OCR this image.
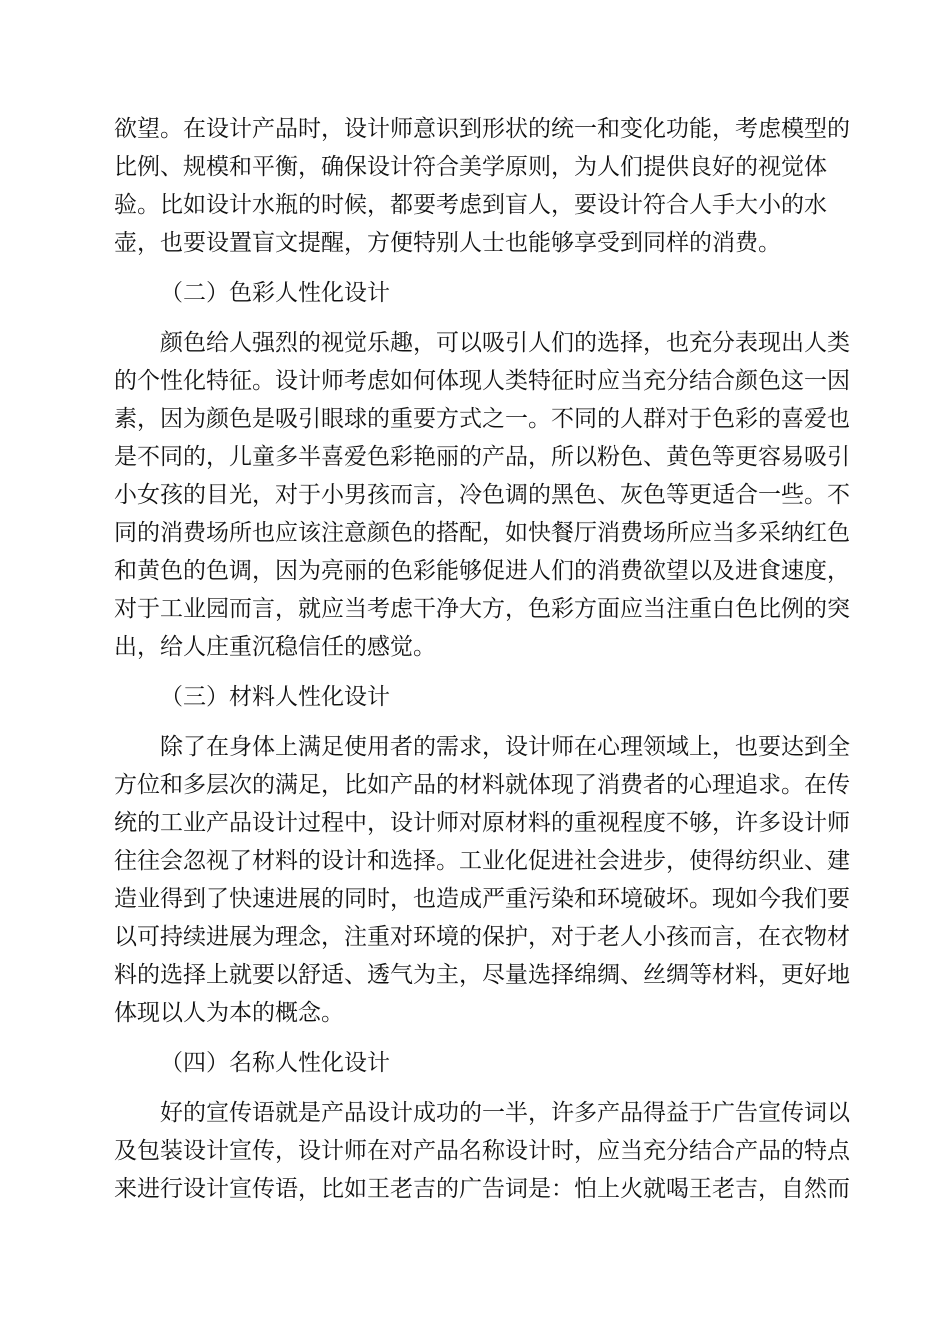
欲望。在设计产品时，设计师意识到形状的统一和变化功能，考虑模型的
比例、规模和平衡，确保设计符合美学原则，为人们提供良好的视觉体
验。比如设计水瓶的时候，都要考虑到盲人，要设计符合人手大小的水
壶，也要设置盲文提醒，方便特别人士也能够享受到同样的消费。

（二）色彩人性化设计

颜色给人强烈的视觉乐趣，可以吸引人们的选择，也充分表现出人类
的个性化特征。设计师考虑如何体现人类特征时应当充分结合颜色这一因
素，因为颜色是吸引眼球的重要方式之一。不同的人群对于色彩的喜爱也
是不同的，儿童多半喜爱色彩艳丽的产品，所以粉色、黄色等更容易吸引
小女孩的目光，对于小男孩而言，冷色调的黑色、灰色等更适合一些。不
同的消费场所也应该注意颜色的搭配，如快餐厅消费场所应当多采纳红色
和黄色的色调，因为亮丽的色彩能够促进人们的消费欲望以及进食速度，
对于工业园而言，就应当考虑干净大方，色彩方面应当注重白色比例的突
出，给人庄重沉稳信任的感觉。

（三）材料人性化设计

除了在身体上满足使用者的需求，设计师在心理领域上，也要达到全
方位和多层次的满足，比如产品的材料就体现了消费者的心理追求。在传
统的工业产品设计过程中，设计师对原材料的重视程度不够，许多设计师
往往会忽视了材料的设计和选择。工业化促进社会进步，使得纺织业、建
造业得到了快速进展的同时，也造成严重污染和环境破坏。现如今我们要
以可持续进展为理念，注重对环境的保护，对于老人小孩而言，在衣物材
料的选择上就要以舒适、透气为主，尽量选择绵绸、丝绸等材料，更好地
体现以人为本的概念。

（四）名称人性化设计

好的宣传语就是产品设计成功的一半，许多产品得益于广告宣传词以
及包装设计宣传，设计师在对产品名称设计时，应当充分结合产品的特点
来进行设计宣传语，比如王老吉的广告词是：怕上火就喝王老吉，自然而
